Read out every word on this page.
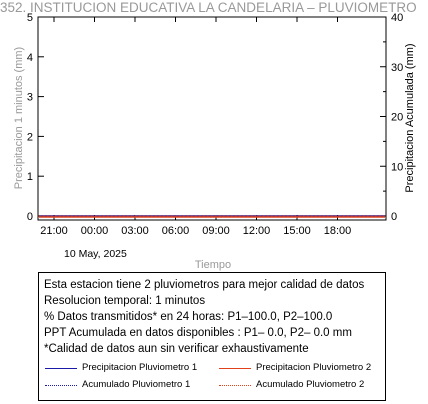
352. INSTITUCION EDUCATIVA LA CANDELARIA – PLUVIOMETRO
0
1
2
3
4
5
0
10
20
30
40
21:00 00:00 03:00 06:00 09:00 12:00 15:00 18:00
Precipitacion 1 minutos (mm)	Precipitacion Acumulada (mm)
10 May, 2025
Tiempo
Esta estacion tiene 2 pluviometros para mejor calidad de datos
Resolucion temporal: 1 minutos
% Datos transmitidos* en 24 horas: P1–100.0, P2–100.0
PPT Acumulada en datos disponibles : P1– 0.0, P2– 0.0 mm
*Calidad de datos aun sin verificar exhaustivamente
Precipitacion Pluviometro 1	Precipitacion Pluviometro 2
Acumulado Pluviometro 1	Acumulado Pluviometro 2
